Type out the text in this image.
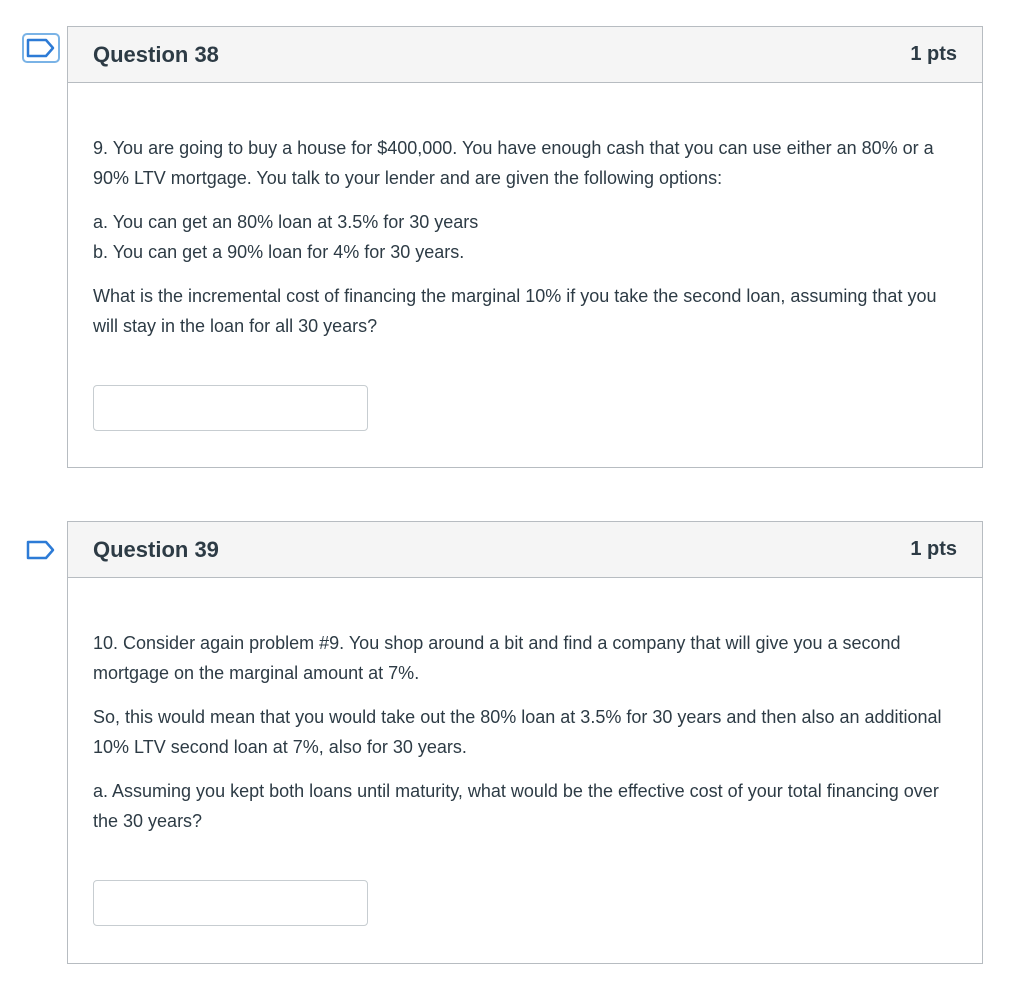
Question 38	1 pts

9. You are going to buy a house for $400,000. You have enough cash that you can use either an 80% or a 90% LTV mortgage. You talk to your lender and are given the following options:

a. You can get an 80% loan at 3.5% for 30 years

b. You can get a 90% loan for 4% for 30 years.

What is the incremental cost of financing the marginal 10% if you take the second loan, assuming that you will stay in the loan for all 30 years?

Question 39	1 pts

10. Consider again problem #9. You shop around a bit and find a company that will give you a second mortgage on the marginal amount at 7%.

So, this would mean that you would take out the 80% loan at 3.5% for 30 years and then also an additional 10% LTV second loan at 7%, also for 30 years.

a. Assuming you kept both loans until maturity, what would be the effective cost of your total financing over the 30 years?
